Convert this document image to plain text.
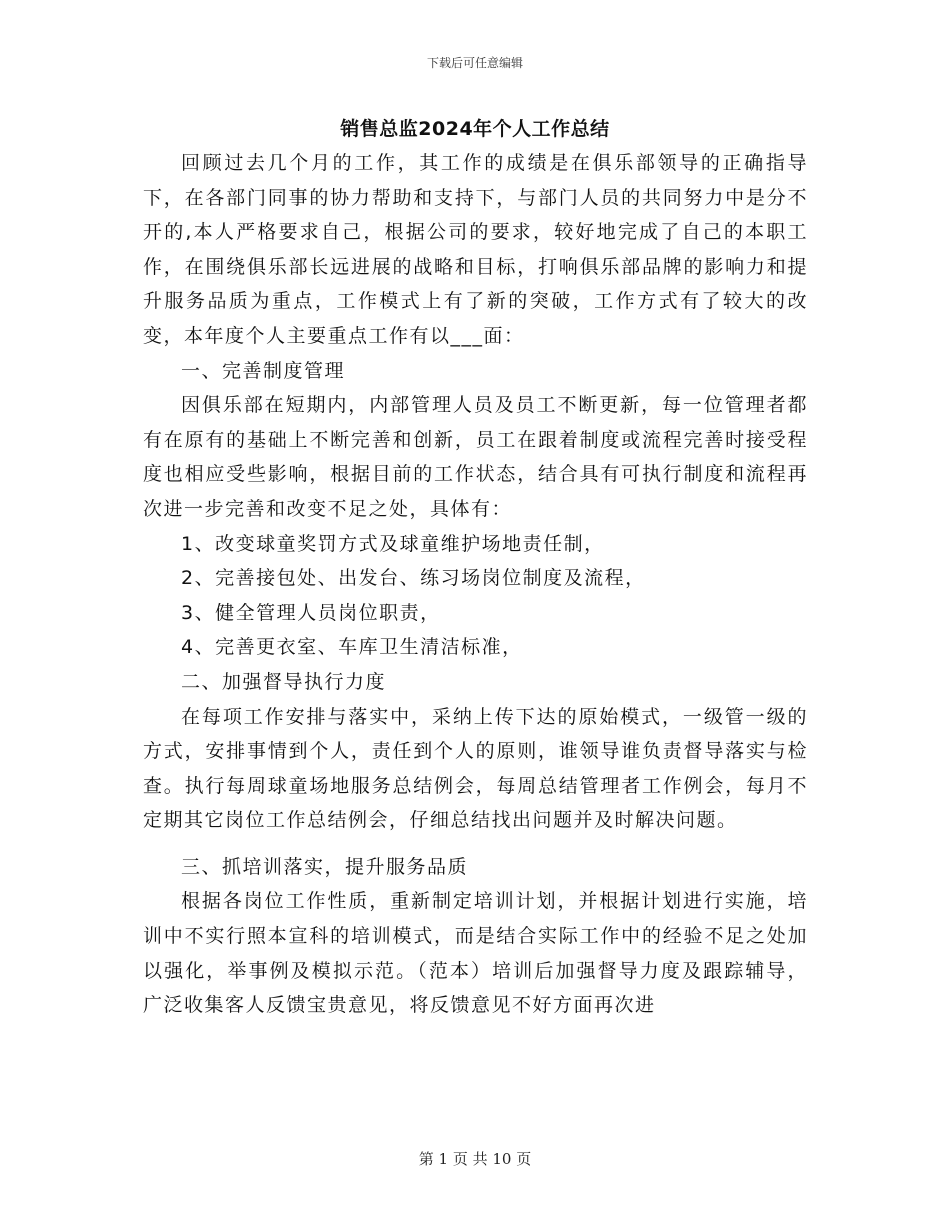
下载后可任意编辑
销售总监2024年个人工作总结

回顾过去几个月的工作，其工作的成绩是在俱乐部领导的正确指导下，在各部门同事的协力帮助和支持下，与部门人员的共同努力中是分不开的,本人严格要求自己，根据公司的要求，较好地完成了自己的本职工作，在围绕俱乐部长远进展的战略和目标，打响俱乐部品牌的影响力和提升服务品质为重点，工作模式上有了新的突破，工作方式有了较大的改变，本年度个人主要重点工作有以___面：

一、完善制度管理

因俱乐部在短期内，内部管理人员及员工不断更新，每一位管理者都有在原有的基础上不断完善和创新，员工在跟着制度或流程完善时接受程度也相应受些影响，根据目前的工作状态，结合具有可执行制度和流程再次进一步完善和改变不足之处，具体有：

1、改变球童奖罚方式及球童维护场地责任制，

2、完善接包处、出发台、练习场岗位制度及流程，

3、健全管理人员岗位职责，

4、完善更衣室、车库卫生清洁标准，

二、加强督导执行力度

在每项工作安排与落实中，采纳上传下达的原始模式，一级管一级的方式，安排事情到个人，责任到个人的原则，谁领导谁负责督导落实与检查。执行每周球童场地服务总结例会，每周总结管理者工作例会，每月不定期其它岗位工作总结例会，仔细总结找出问题并及时解决问题。

三、抓培训落实，提升服务品质

根据各岗位工作性质，重新制定培训计划，并根据计划进行实施，培训中不实行照本宣科的培训模式，而是结合实际工作中的经验不足之处加以强化，举事例及模拟示范。（范本）培训后加强督导力度及跟踪辅导，广泛收集客人反馈宝贵意见，将反馈意见不好方面再次进

第 1 页 共 10 页
